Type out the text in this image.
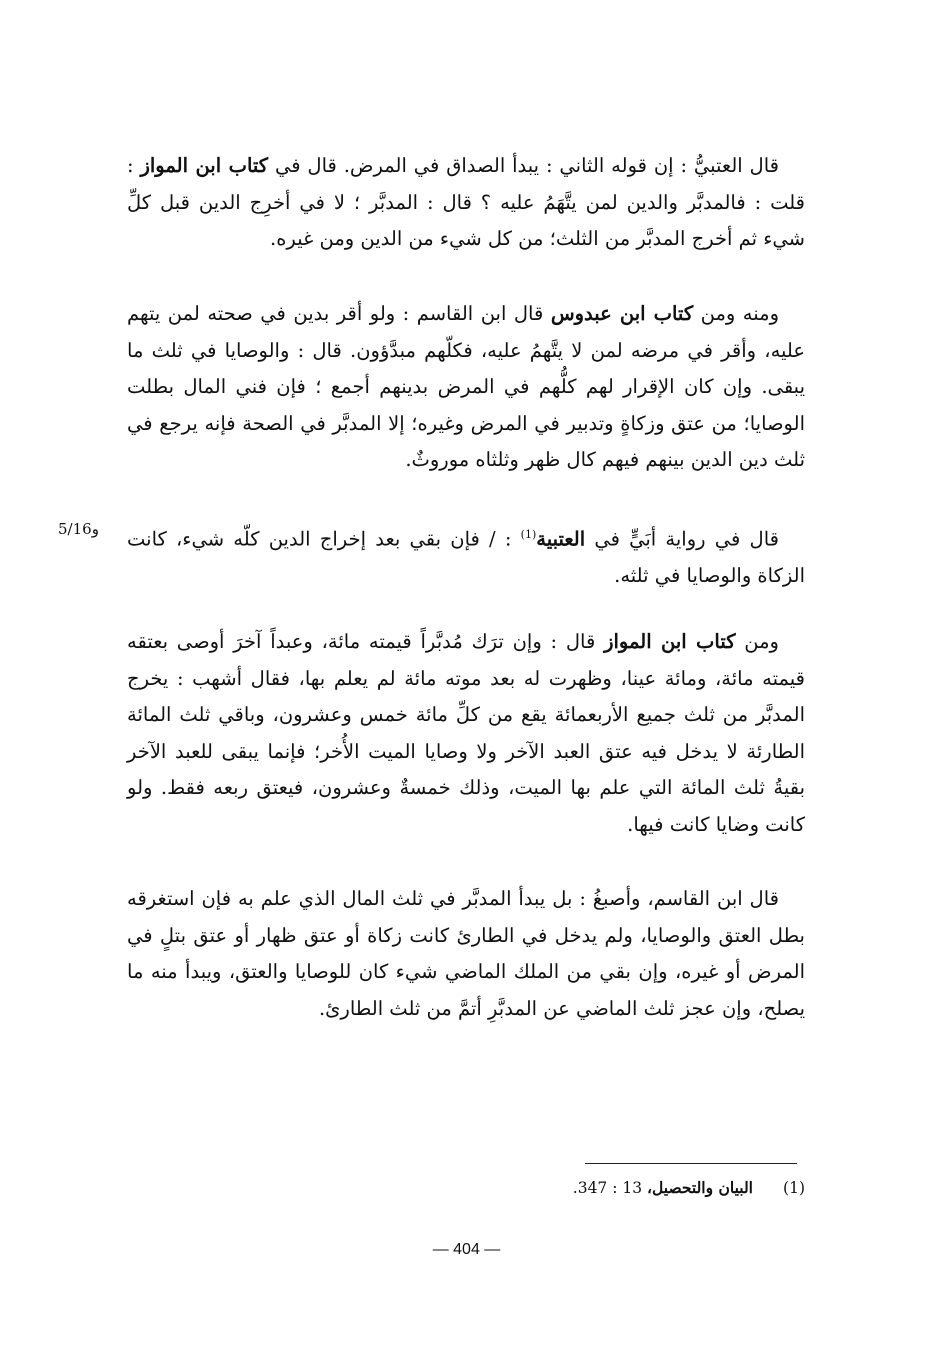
قال العتبيُّ : إن قوله الثاني : يبدأ الصداق في المرض. قال في كتاب ابن المواز : قلت : فالمدبَّر والدين لمن يتَّهَمُ عليه ؟ قال : المدبَّر ؛ لا في أخرِج الدين قبل كلِّ شيء ثم أخرج المدبَّر من الثلث؛ من كل شيء من الدين ومن غيره.

ومنه ومن كتاب ابن عبدوس قال ابن القاسم : ولو أقر بدين في صحته لمن يتهم عليه، وأقر في مرضه لمن لا يتَّهمُ عليه، فكلّهم مبدَّؤون. قال : والوصايا في ثلث ما يبقى. وإن كان الإقرار لهم كلُّهم في المرض بدينهم أجمع ؛ فإن فني المال بطلت الوصايا؛ من عتق وزكاةٍ وتدبير في المرض وغيره؛ إلا المدبَّر في الصحة فإنه يرجع في ثلث دين الدين بينهم فيهم كال ظهر وثلثاه موروثٌ.

5/16و	قال في رواية أبَيٍّ في العتبية$^{(1)}$ : / فإن بقي بعد إخراج الدين كلّه شيء، كانت الزكاة والوصايا في ثلثه.

ومن كتاب ابن المواز قال : وإن ترَك مُدبَّراً قيمته مائة، وعبداً آخرَ أوصى بعتقه قيمته مائة، ومائة عينا، وظهرت له بعد موته مائة لم يعلم بها، فقال أشهب : يخرج المدبَّر من ثلث جميع الأربعمائة يقع من كلِّ مائة خمس وعشرون، وباقي ثلث المائة الطارئة لا يدخل فيه عتق العبد الآخر ولا وصايا الميت الأُخر؛ فإنما يبقى للعبد الآخر بقيةُ ثلث المائة التي علم بها الميت، وذلك خمسةٌ وعشرون، فيعتق ربعه فقط. ولو كانت وضايا كانت فيها.

قال ابن القاسم، وأصبغُ : بل يبدأ المدبَّر في ثلث المال الذي علم به فإن استغرقه بطل العتق والوصايا، ولم يدخل في الطارئ كانت زكاة أو عتق ظهار أو عتق بتلٍ في المرض أو غيره، وإن بقي من الملك الماضي شيء كان للوصايا والعتق، ويبدأ منه ما يصلح، وإن عجز ثلث الماضي عن المدبَّرِ أتمَّ من ثلث الطارئ.

(1)البيان والتحصيل، 13 : 347.
— 404 —
